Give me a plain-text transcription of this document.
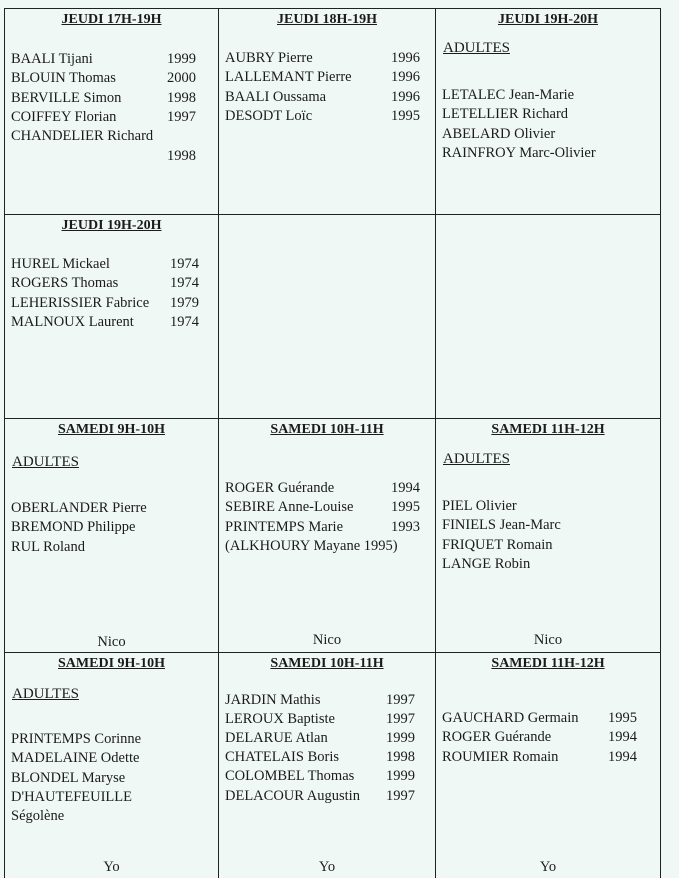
JEUDI 17H-19H
BAALI Tijani	1999
BLOUIN Thomas	2000
BERVILLE Simon	1998
COIFFEY Florian	1997
CHANDELIER Richard
1998
JEUDI 18H-19H
AUBRY Pierre	1996
LALLEMANT Pierre	1996
BAALI Oussama	1996
DESODT Loïc	1995
JEUDI 19H-20H
ADULTES
LETALEC Jean-Marie
LETELLIER Richard
ABELARD Olivier
RAINFROY Marc-Olivier
JEUDI 19H-20H
HUREL Mickael	1974
ROGERS Thomas	1974
LEHERISSIER Fabrice 1979
MALNOUX Laurent 1974
SAMEDI 9H-10H
ADULTES
OBERLANDER Pierre
BREMOND Philippe
RUL Roland
Nico
SAMEDI 10H-11H
ROGER Guérande	1994
SEBIRE Anne-Louise	1995
PRINTEMPS Marie	1993
(ALKHOURY Mayane 1995)
Nico
SAMEDI 11H-12H
ADULTES
PIEL Olivier
FINIELS Jean-Marc
FRIQUET Romain
LANGE Robin
Nico
SAMEDI 9H-10H
ADULTES
PRINTEMPS Corinne
MADELAINE Odette
BLONDEL Maryse
D'HAUTEFEUILLE
Ségolène
Yo
SAMEDI 10H-11H
JARDIN Mathis	1997
LEROUX Baptiste	1997
DELARUE Atlan	1999
CHATELAIS Boris	1998
COLOMBEL Thomas 1999
DELACOUR Augustin 1997
Yo
SAMEDI 11H-12H
GAUCHARD Germain 1995
ROGER Guérande	1994
ROUMIER Romain	1994
Yo
